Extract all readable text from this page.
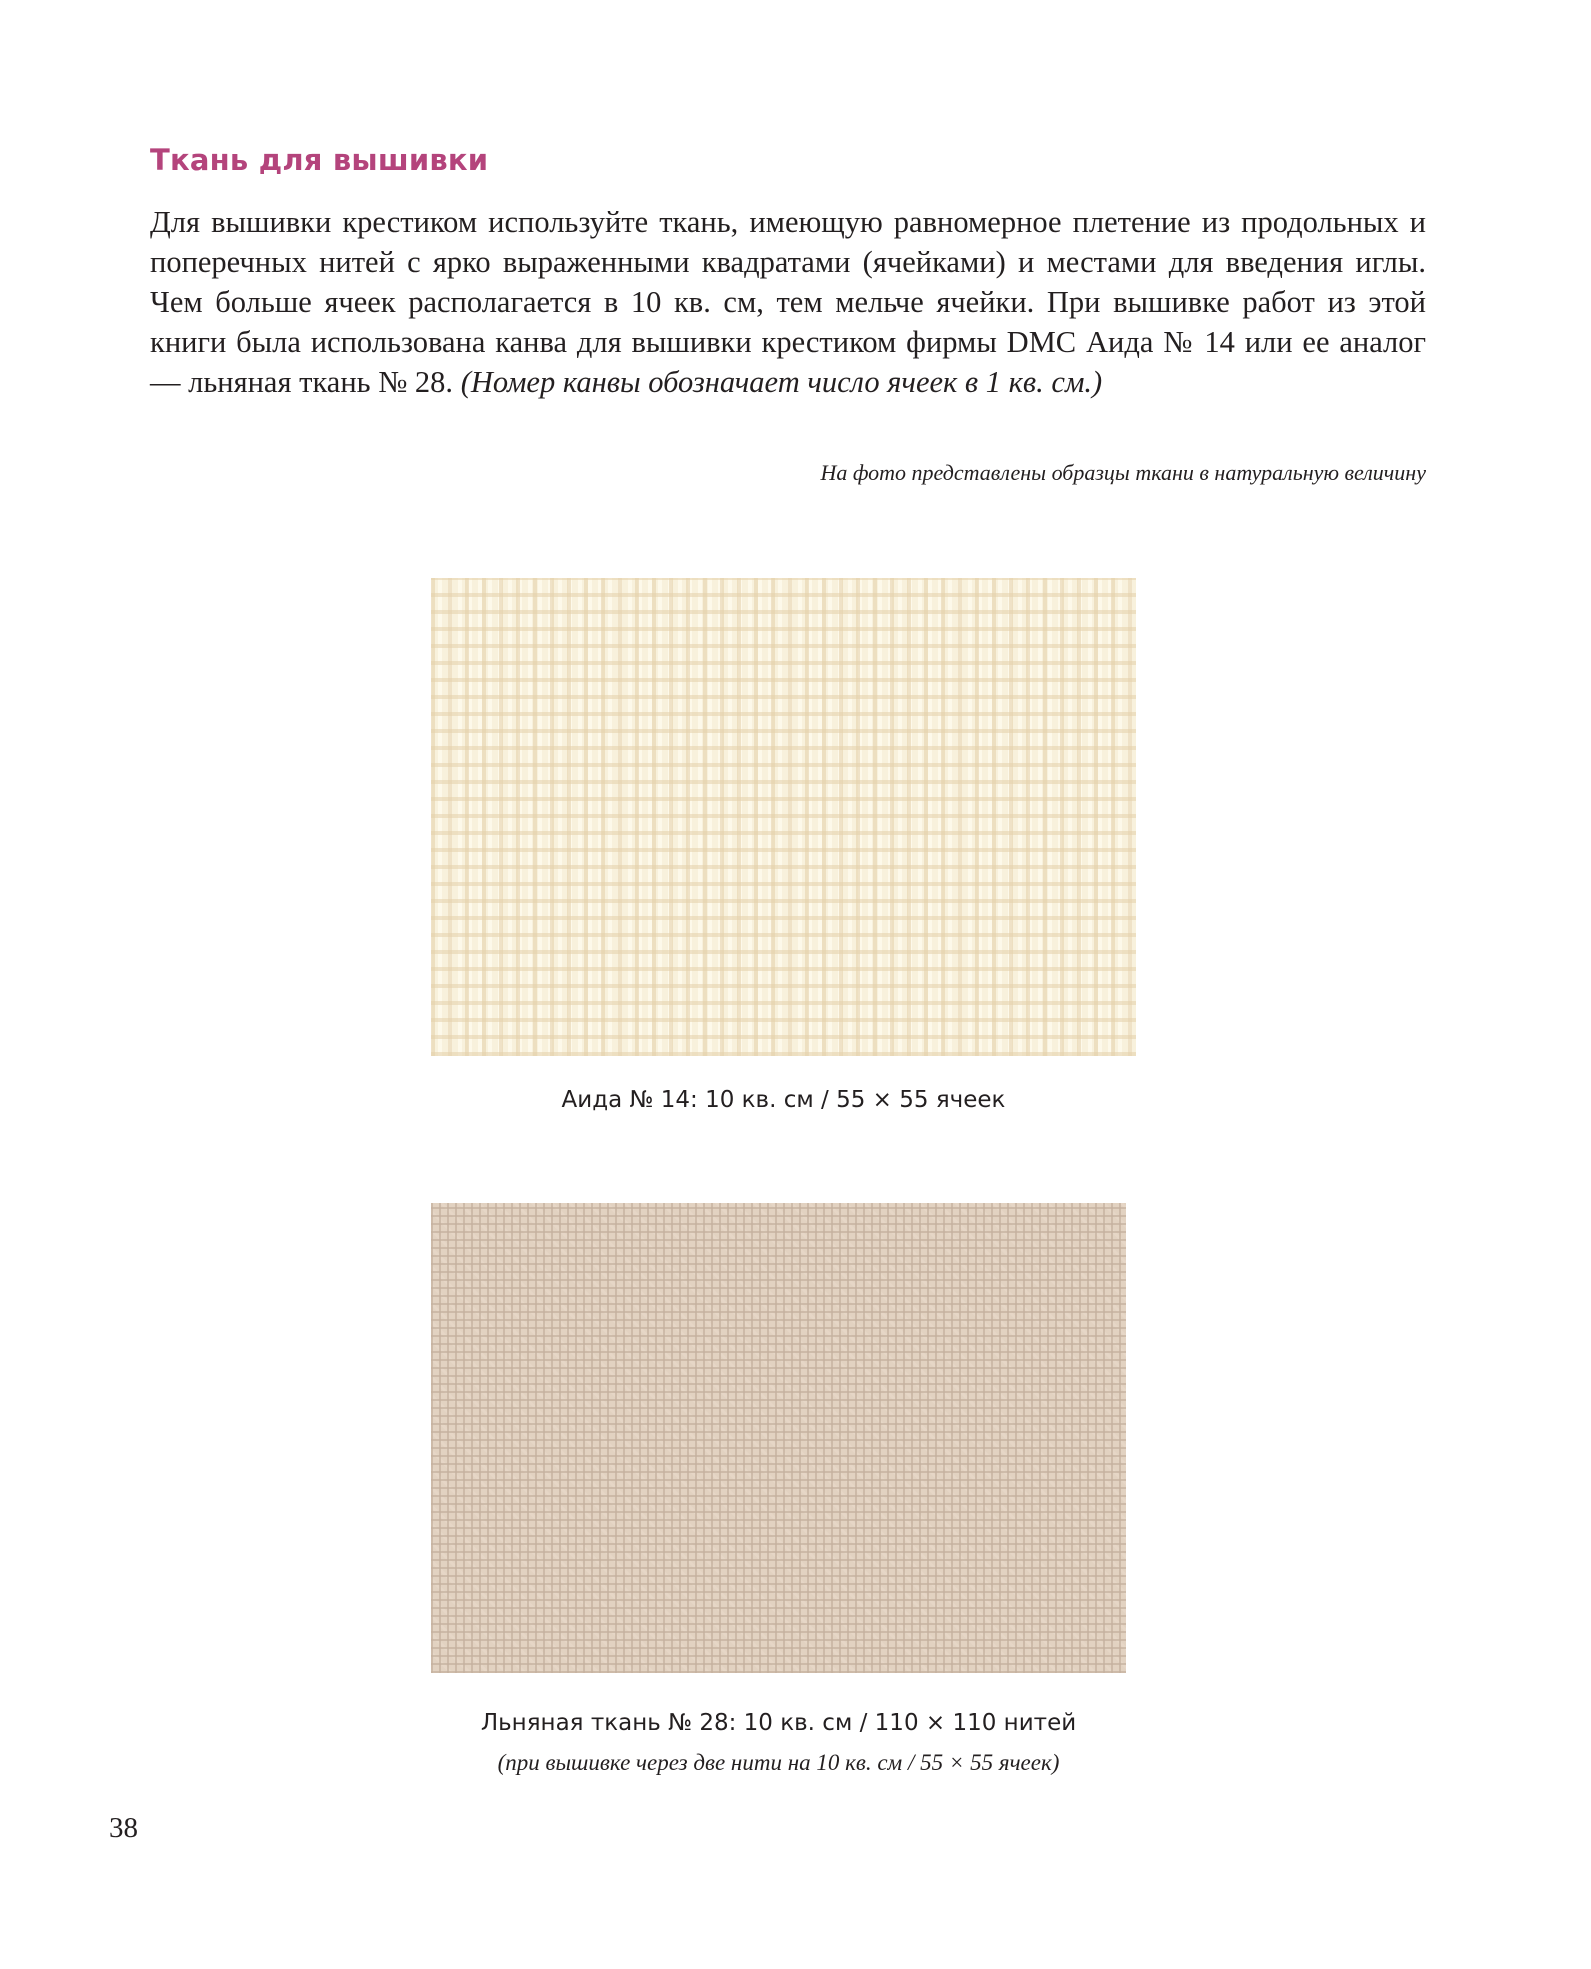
Ткань для вышивки
Для вышивки крестиком используйте ткань, имеющую равномерное плетение из продольных и поперечных нитей с ярко выраженными квадратами (ячейками) и местами для введения иглы. Чем больше ячеек располагается в 10 кв. см, тем мельче ячейки. При вышивке работ из этой книги была использована канва для вышивки крестиком фирмы DMC Аида № 14 или ее аналог — льняная ткань № 28. (Номер канвы обозначает число ячеек в 1 кв. см.)
На фото представлены образцы ткани в натуральную величину
Аида № 14: 10 кв. см / 55 × 55 ячеек
Льняная ткань № 28: 10 кв. см / 110 × 110 нитей
(при вышивке через две нити на 10 кв. см / 55 × 55 ячеек)
38
